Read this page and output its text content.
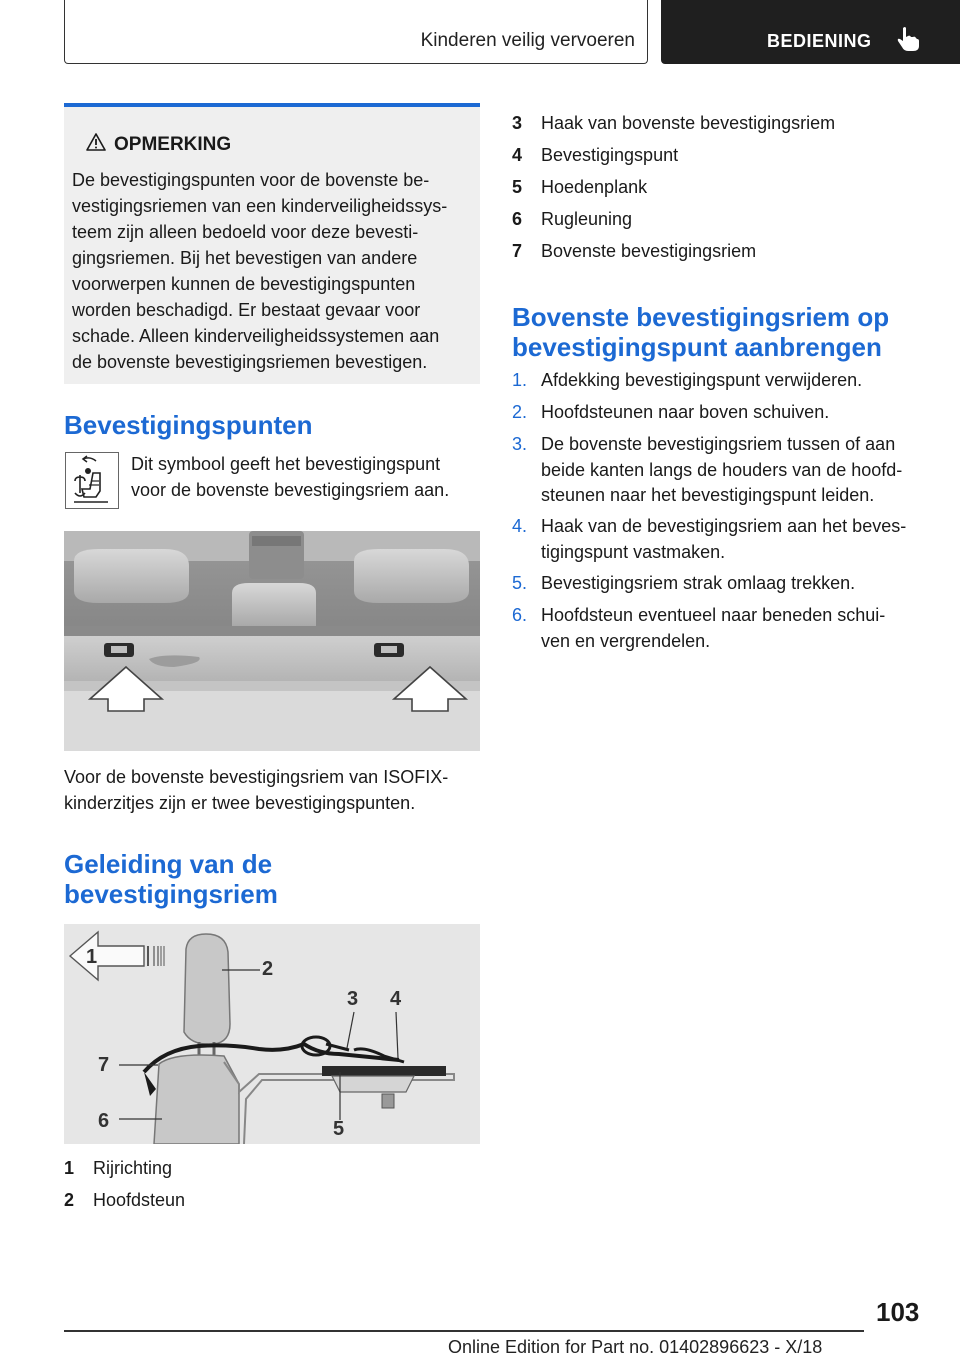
Kinderen veilig vervoeren	BEDIENING
OPMERKING
De bevestigingspunten voor de bovenste be-
vestigingsriemen van een kinderveiligheidssys-
teem zijn alleen bedoeld voor deze bevesti-
gingsriemen. Bij het bevestigen van andere
voorwerpen kunnen de bevestigingspunten
worden beschadigd. Er bestaat gevaar voor
schade. Alleen kinderveiligheidssystemen aan
de bovenste bevestigingsriemen bevestigen.
Bevestigingspunten
Dit symbool geeft het bevestigingspunt
voor de bovenste bevestigingsriem aan.
Voor de bovenste bevestigingsriem van ISOFIX-
kinderzitjes zijn er twee bevestigingspunten.
Geleiding van de
bevestigingsriem
1
2
3 4
5
6
7
1 Rijrichting
2 Hoofdsteun
3 Haak van bovenste bevestigingsriem
4 Bevestigingspunt
5 Hoedenplank
6 Rugleuning
7 Bovenste bevestigingsriem
Bovenste bevestigingsriem op
bevestigingspunt aanbrengen
1. Afdekking bevestigingspunt verwijderen.
2. Hoofdsteunen naar boven schuiven.
3. De bovenste bevestigingsriem tussen of aan
beide kanten langs de houders van de hoofd-
steunen naar het bevestigingspunt leiden.
4. Haak van de bevestigingsriem aan het beves-
tigingspunt vastmaken.
5. Bevestigingsriem strak omlaag trekken.
6. Hoofdsteun eventueel naar beneden schui-
ven en vergrendelen.
103
Online Edition for Part no. 01402896623 - X/18
